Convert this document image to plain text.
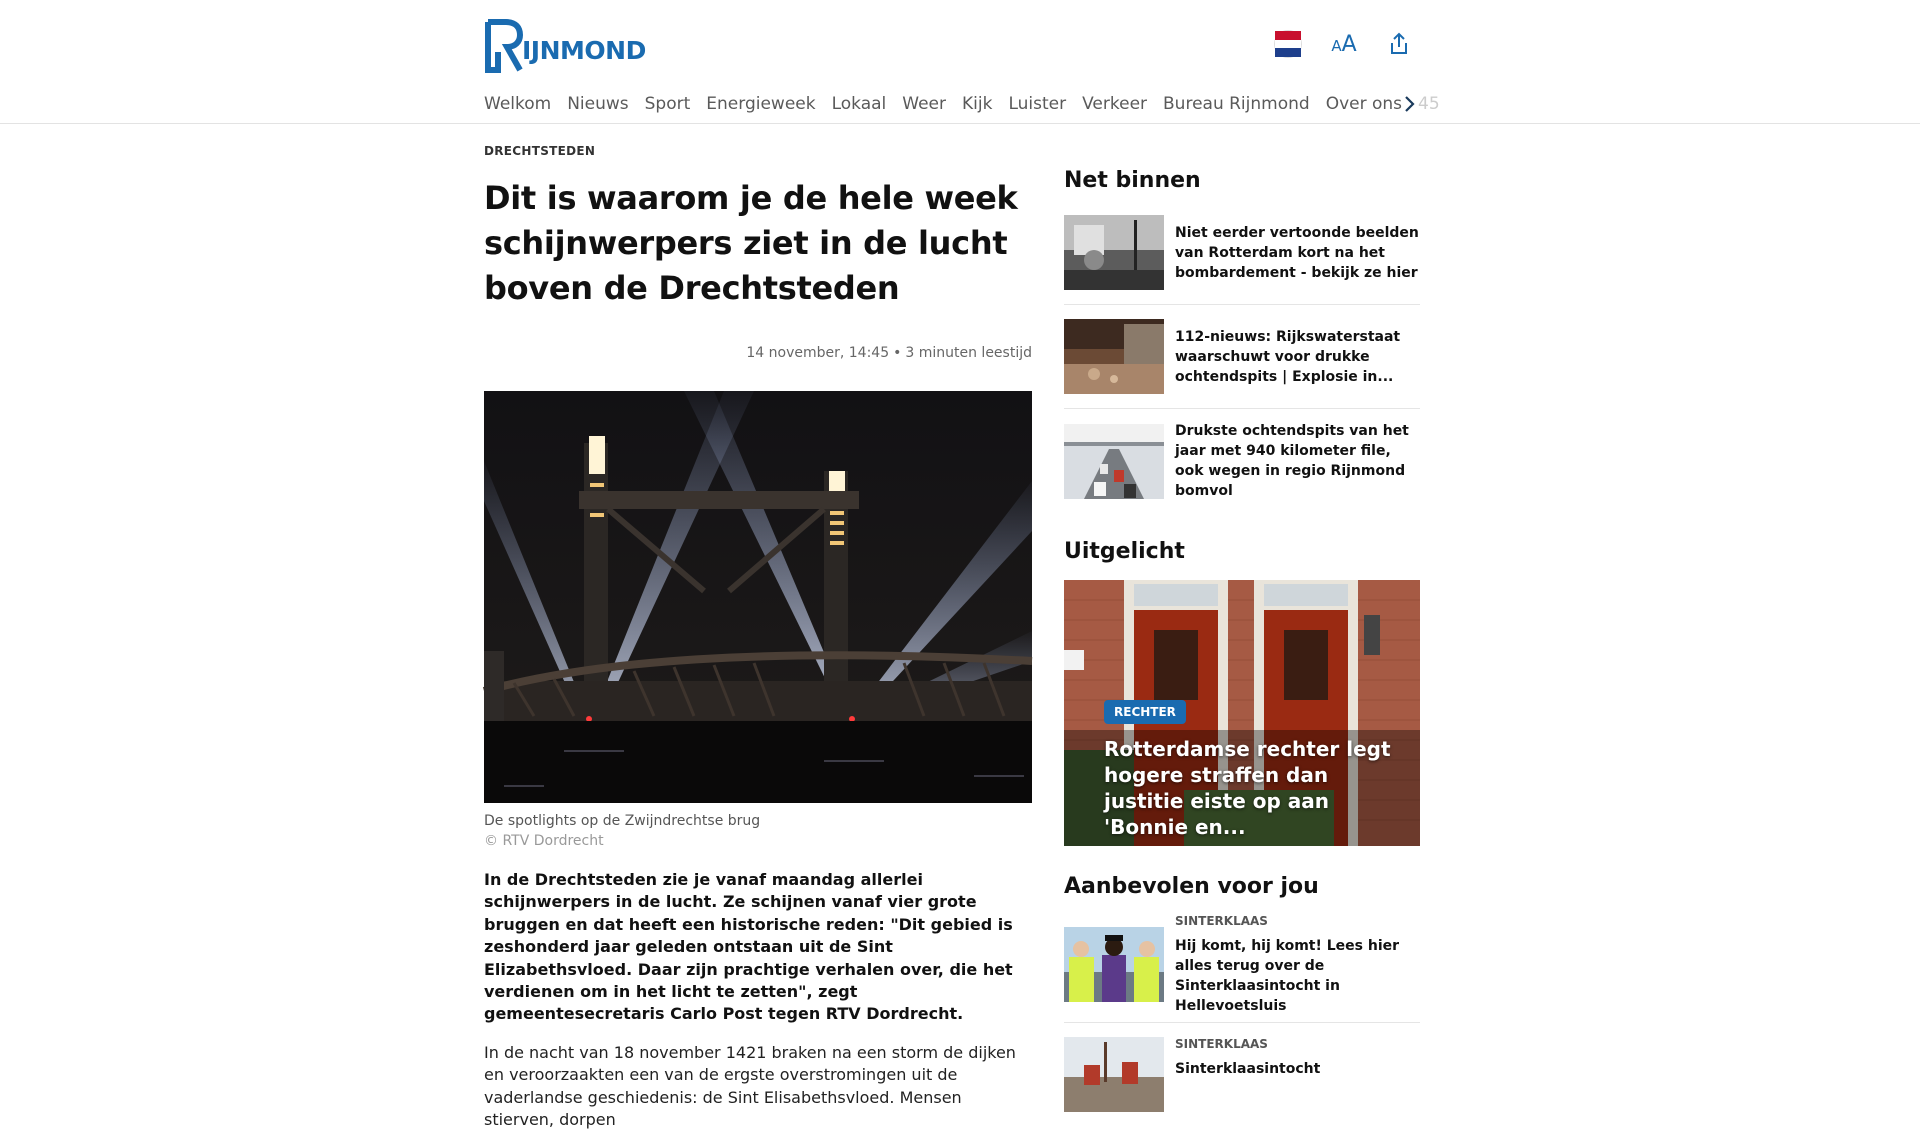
IJNMOND	AA
Welkom Nieuws Sport Energieweek Lokaal Weer Kijk Luister Verkeer Bureau Rijnmond Over ons 45
DRECHTSTEDEN
Dit is waarom je de hele week schijnwerpers ziet in de lucht boven de Drechtsteden
14 november, 14:45 • 3 minuten leestijd
De spotlights op de Zwijndrechtse brug
© RTV Dordrecht

In de Drechtsteden zie je vanaf maandag allerlei schijnwerpers in de lucht. Ze schijnen vanaf vier grote bruggen en dat heeft een historische reden: "Dit gebied is zeshonderd jaar geleden ontstaan uit de Sint Elizabethsvloed. Daar zijn prachtige verhalen over, die het verdienen om in het licht te zetten", zegt gemeentesecretaris Carlo Post tegen RTV Dordrecht.

In de nacht van 18 november 1421 braken na een storm de dijken en veroorzaakten een van de ergste overstromingen uit de vaderlandse geschiedenis: de Sint Elisabethsvloed. Mensen stierven, dorpen

Net binnen
Niet eerder vertoonde beelden van Rotterdam kort na het bombardement - bekijk ze hier
112-nieuws: Rijkswaterstaat waarschuwt voor drukke ochtendspits | Explosie in...
Drukste ochtendspits van het jaar met 940 kilometer file, ook wegen in regio Rijnmond bomvol
Uitgelicht
RECHTER
Rotterdamse rechter legt hogere straffen dan justitie eiste op aan 'Bonnie en...
Aanbevolen voor jou
SINTERKLAAS
Hij komt, hij komt! Lees hier alles terug over de Sinterklaasintocht in Hellevoetsluis
SINTERKLAAS
Sinterklaasintocht
